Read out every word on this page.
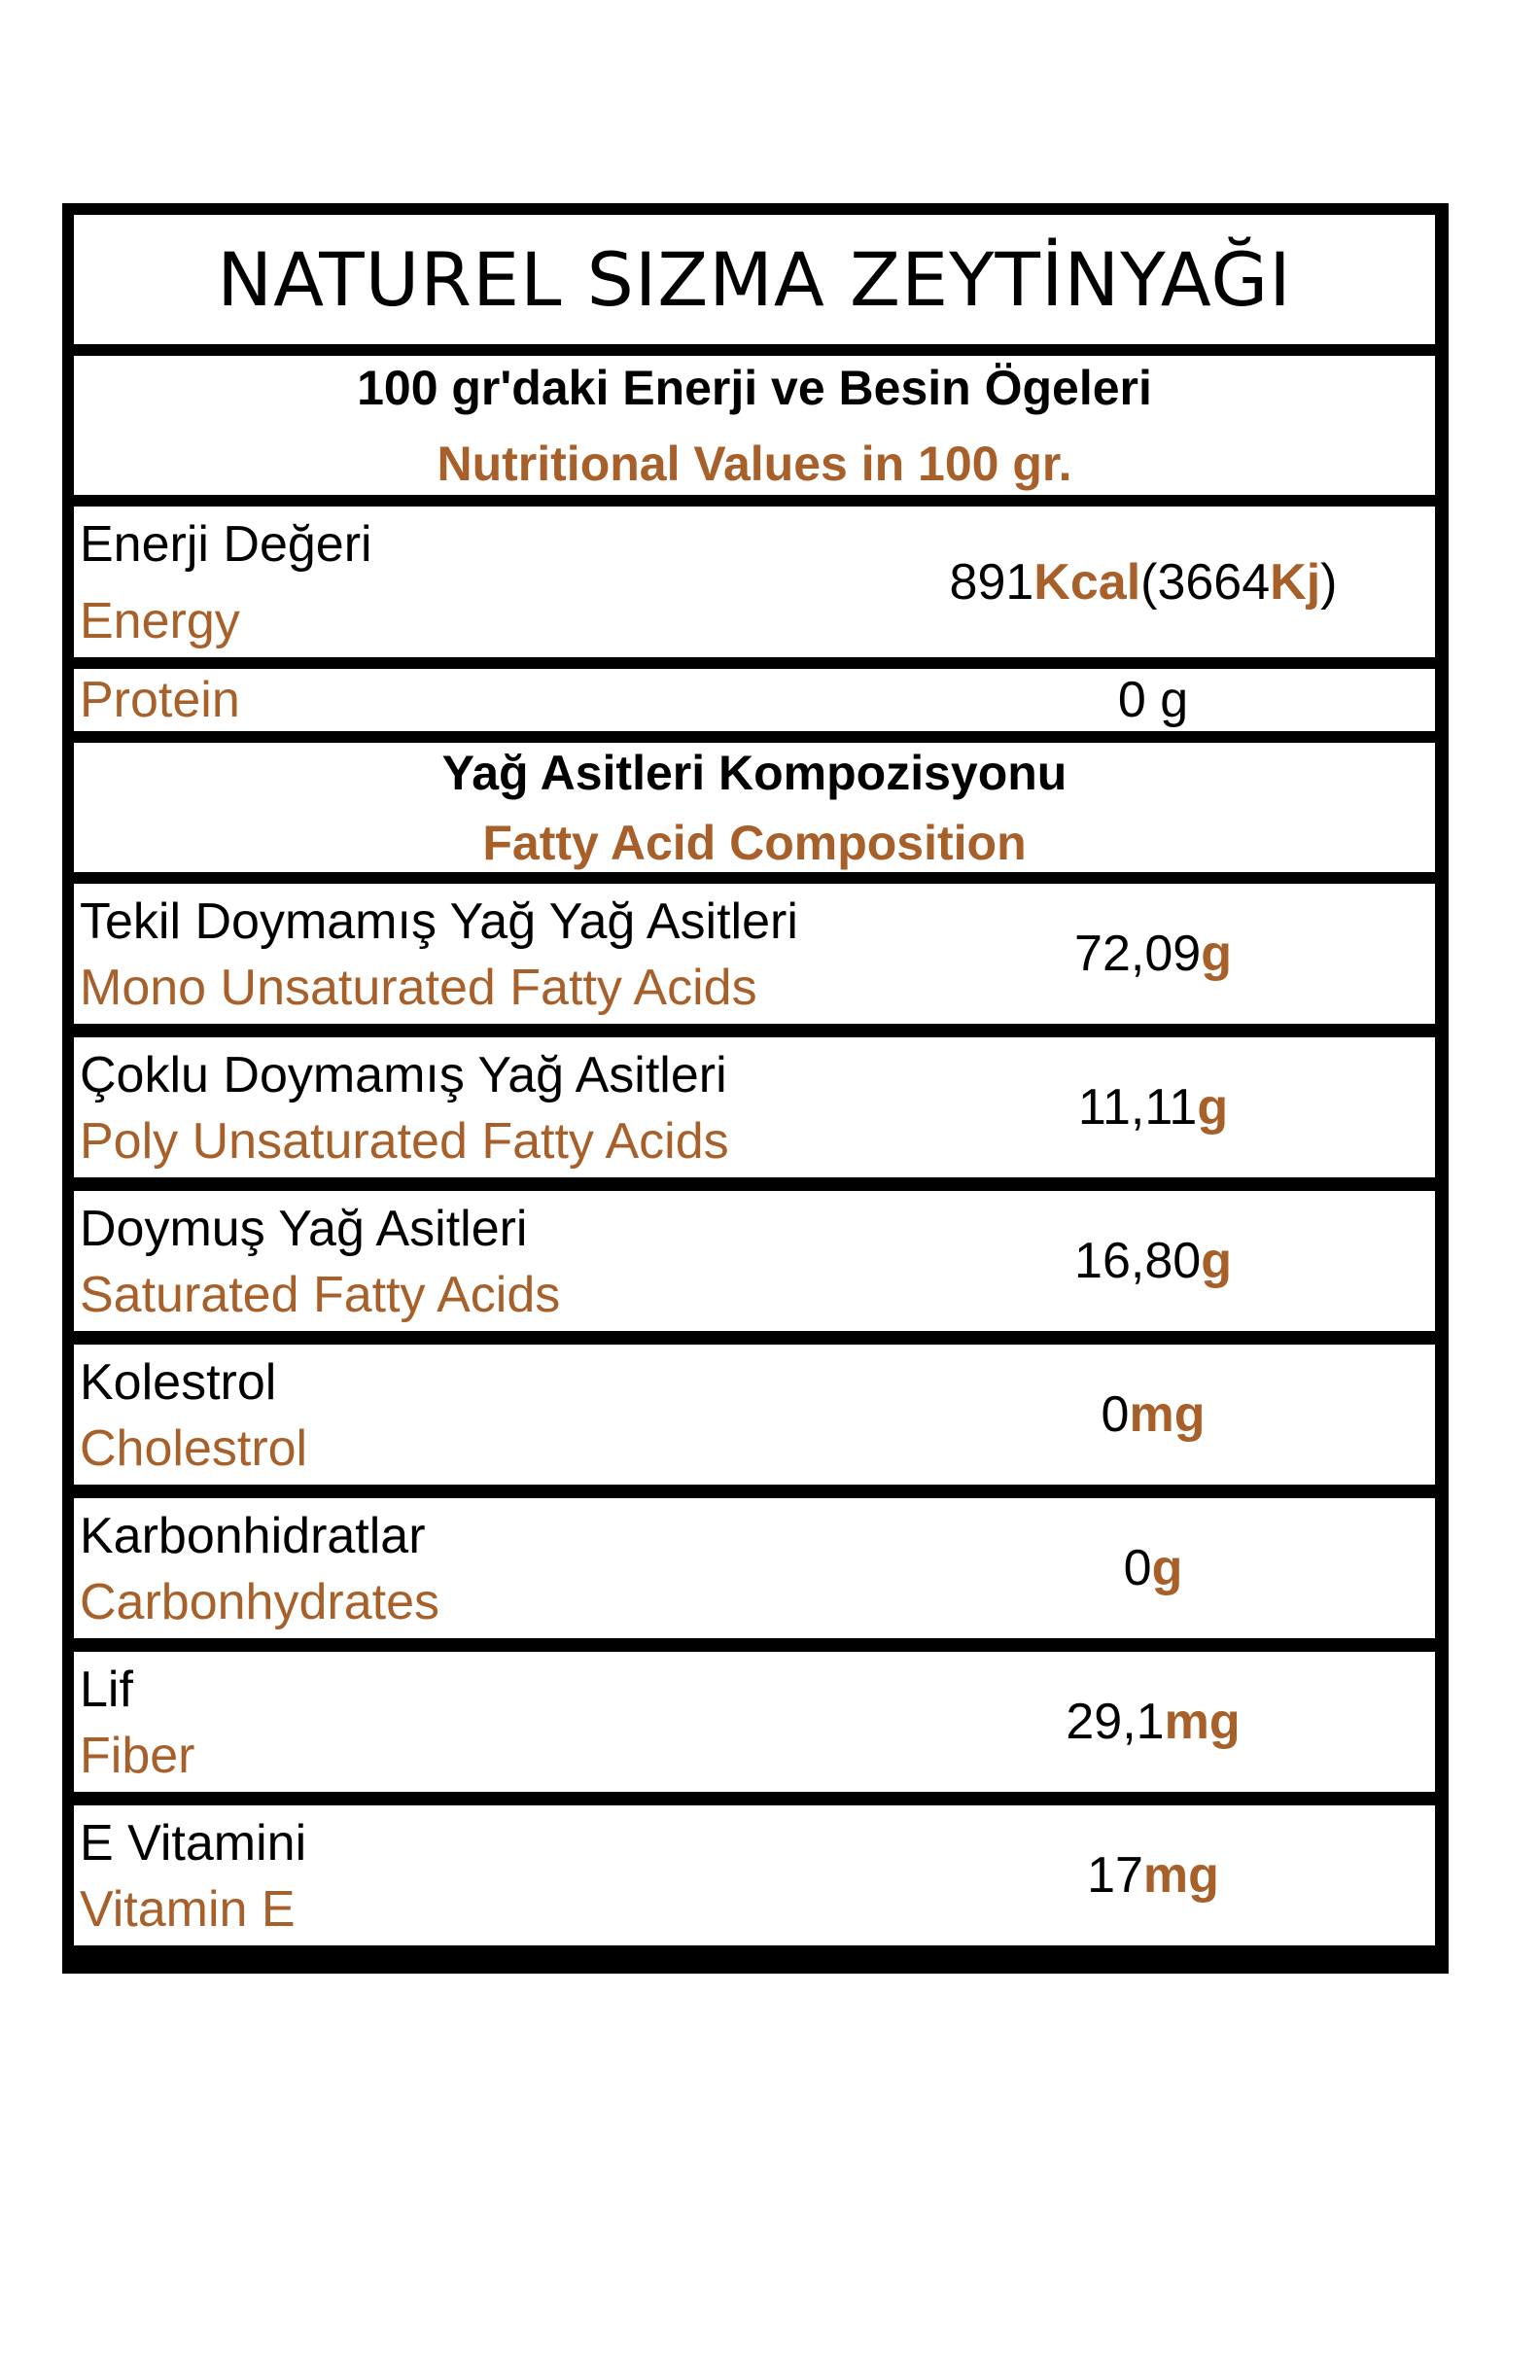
NATUREL SIZMA ZEYTİNYAĞI
100 gr'daki Enerji ve Besin Ögeleri
Nutritional Values in 100 gr.
Enerji Değeri
Energy
891 Kcal (3664 Kj )
Protein	0 g
Yağ Asitleri Kompozisyonu
Fatty Acid Composition
Tekil Doymamış Yağ Yağ Asitleri
Mono Unsaturated Fatty Acids
72,09 g
Çoklu Doymamış Yağ Asitleri
Poly Unsaturated Fatty Acids
11,11 g
Doymuş Yağ Asitleri
Saturated Fatty Acids
16,80 g
Kolestrol
Cholestrol
0 mg
Karbonhidratlar
Carbonhydrates
0 g
Lif
Fiber
29,1 mg
E Vitamini
Vitamin E
17 mg
